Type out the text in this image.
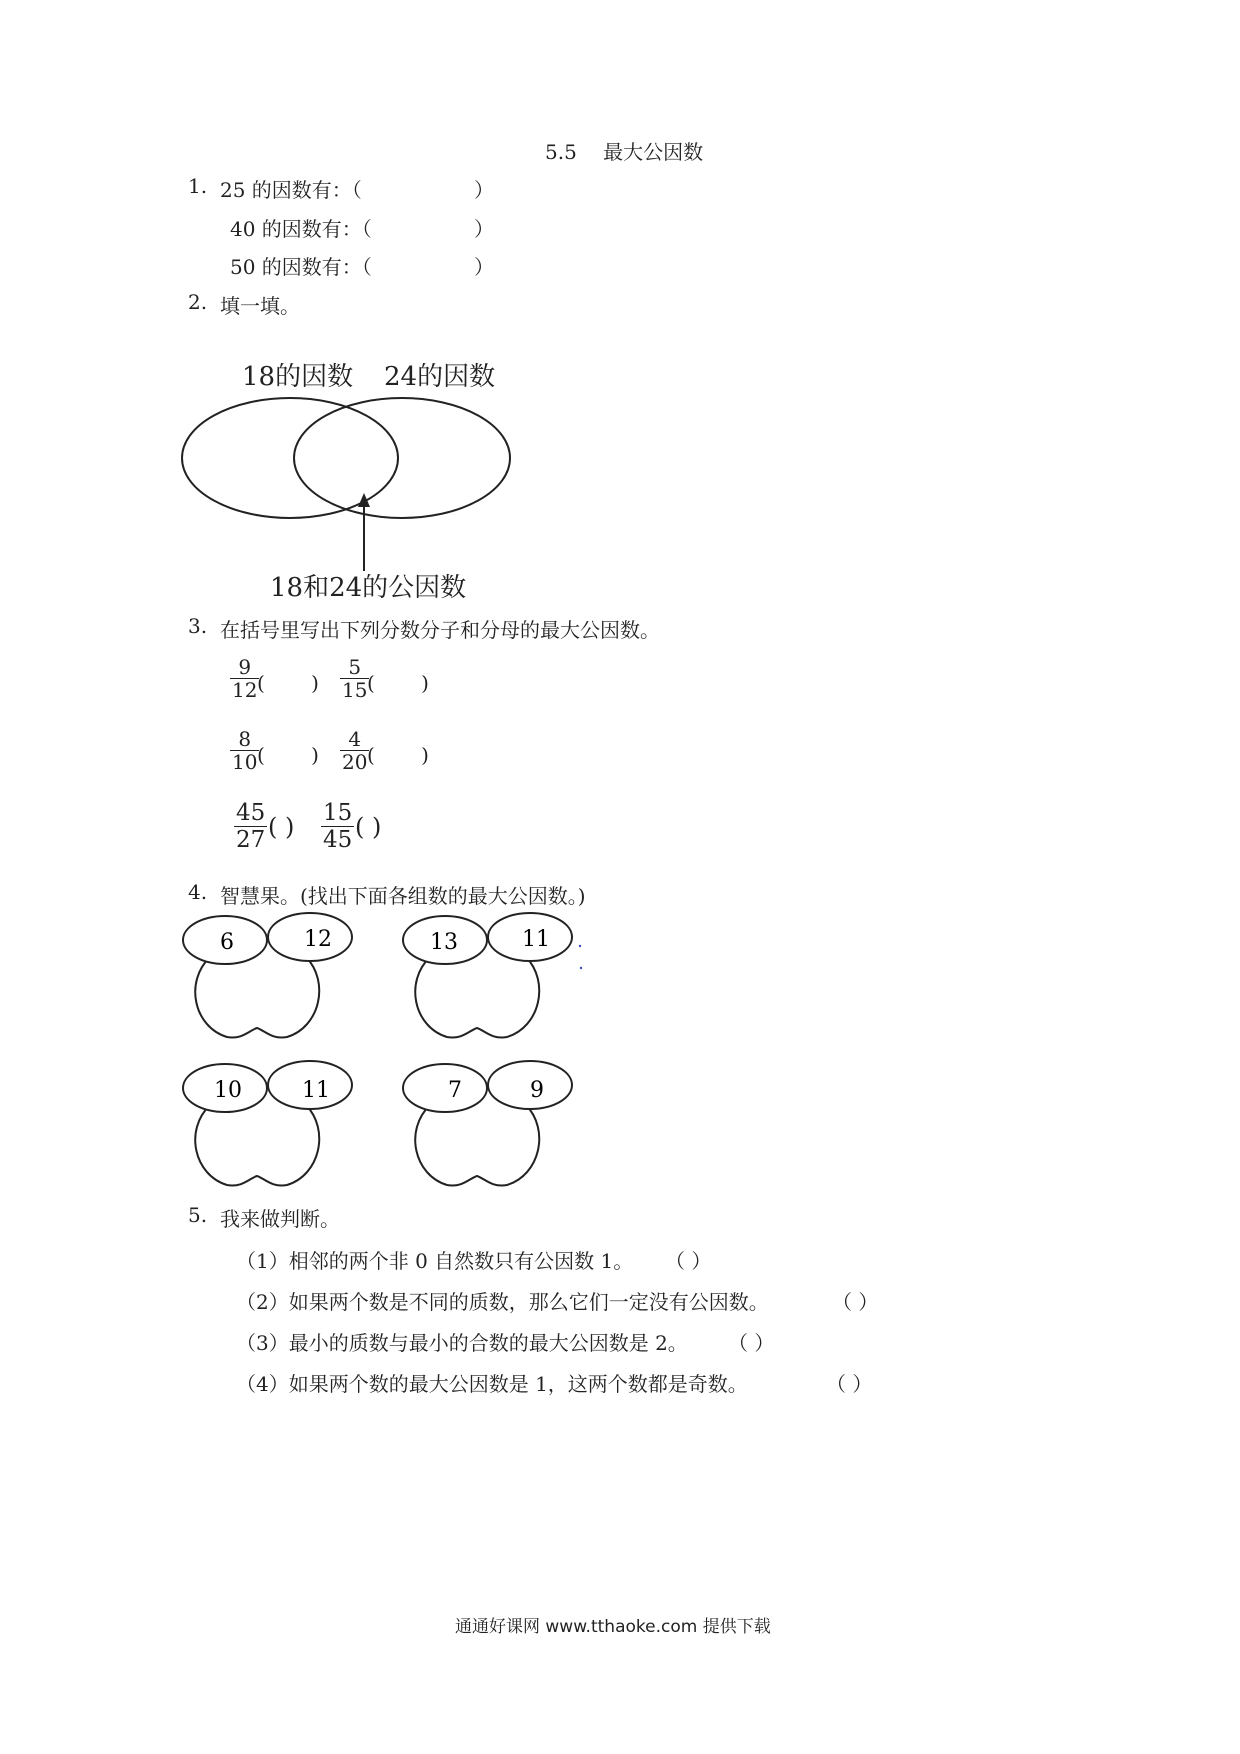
5.5　 最大公因数
1. 25 的因数有：（	）
40 的因数有：（	）
50 的因数有：（	）
2. 填一填。
18的因数 24的因数
18和24的公因数
3. 在括号里写出下列分数分子和分母的最大公因数。
$\frac{9}{12}$
(　 　) $\frac{5}{15}$
(　 　)
$\frac{8}{10}$
(　 　) $\frac{4}{20}$
(　 　)
$\frac{45}{27}$ ( ) $\frac{15}{45}$ ( )
4. 智慧果。(找出下面各组数的最大公因数。)
6	12	13	11
10	11	7	9
5. 我来做判断。
（1）相邻的两个非 0 自然数只有公因数 1。 （ ）
（2）如果两个数是不同的质数，那么它们一定没有公因数。	（ ）
（3）最小的质数与最小的合数的最大公因数是 2。 （ ）
（4）如果两个数的最大公因数是 1，这两个数都是奇数。	（ ）
通通好课网 www.tthaoke.com 提供下载
